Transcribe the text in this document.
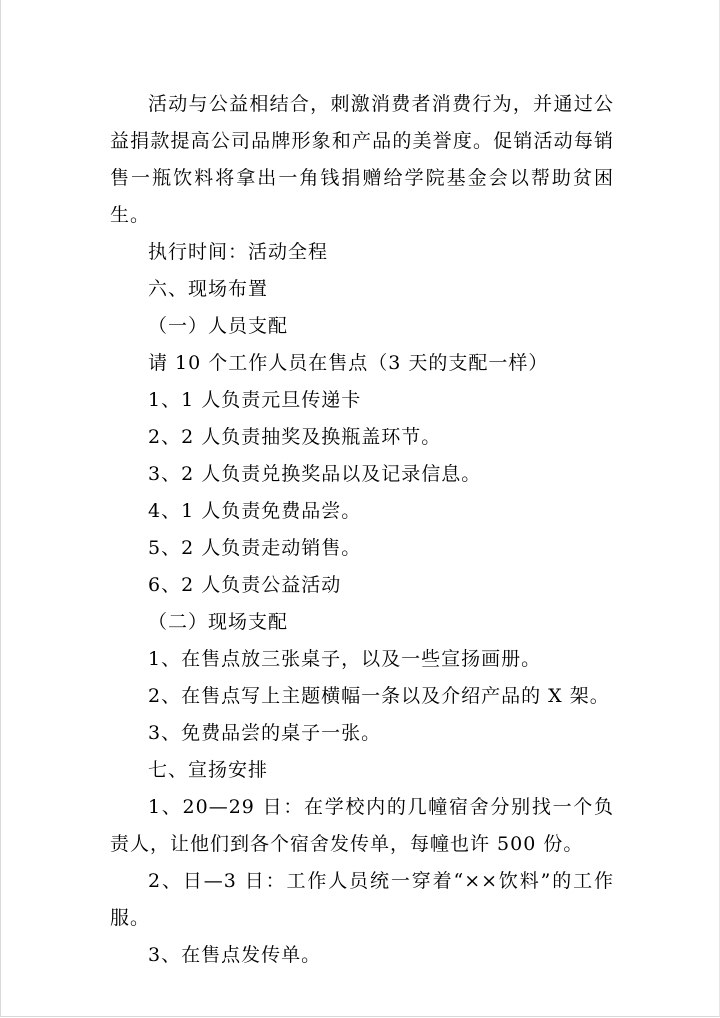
活动与公益相结合，刺激消费者消费行为，并通过公益捐款提高公司品牌形象和产品的美誉度。促销活动每销售一瓶饮料将拿出一角钱捐赠给学院基金会以帮助贫困生。

执行时间：活动全程

六、现场布置

（一）人员支配

请 10 个工作人员在售点（3 天的支配一样）

1、1 人负责元旦传递卡

2、2 人负责抽奖及换瓶盖环节。

3、2 人负责兑换奖品以及记录信息。

4、1 人负责免费品尝。

5、2 人负责走动销售。

6、2 人负责公益活动

（二）现场支配

1、在售点放三张桌子，以及一些宣扬画册。

2、在售点写上主题横幅一条以及介绍产品的 X 架。

3、免费品尝的桌子一张。

七、宣扬安排

1、20—29 日：在学校内的几幢宿舍分别找一个负责人，让他们到各个宿舍发传单，每幢也许 500 份。

2、日—3 日：工作人员统一穿着“××饮料”的工作服。

3、在售点发传单。
